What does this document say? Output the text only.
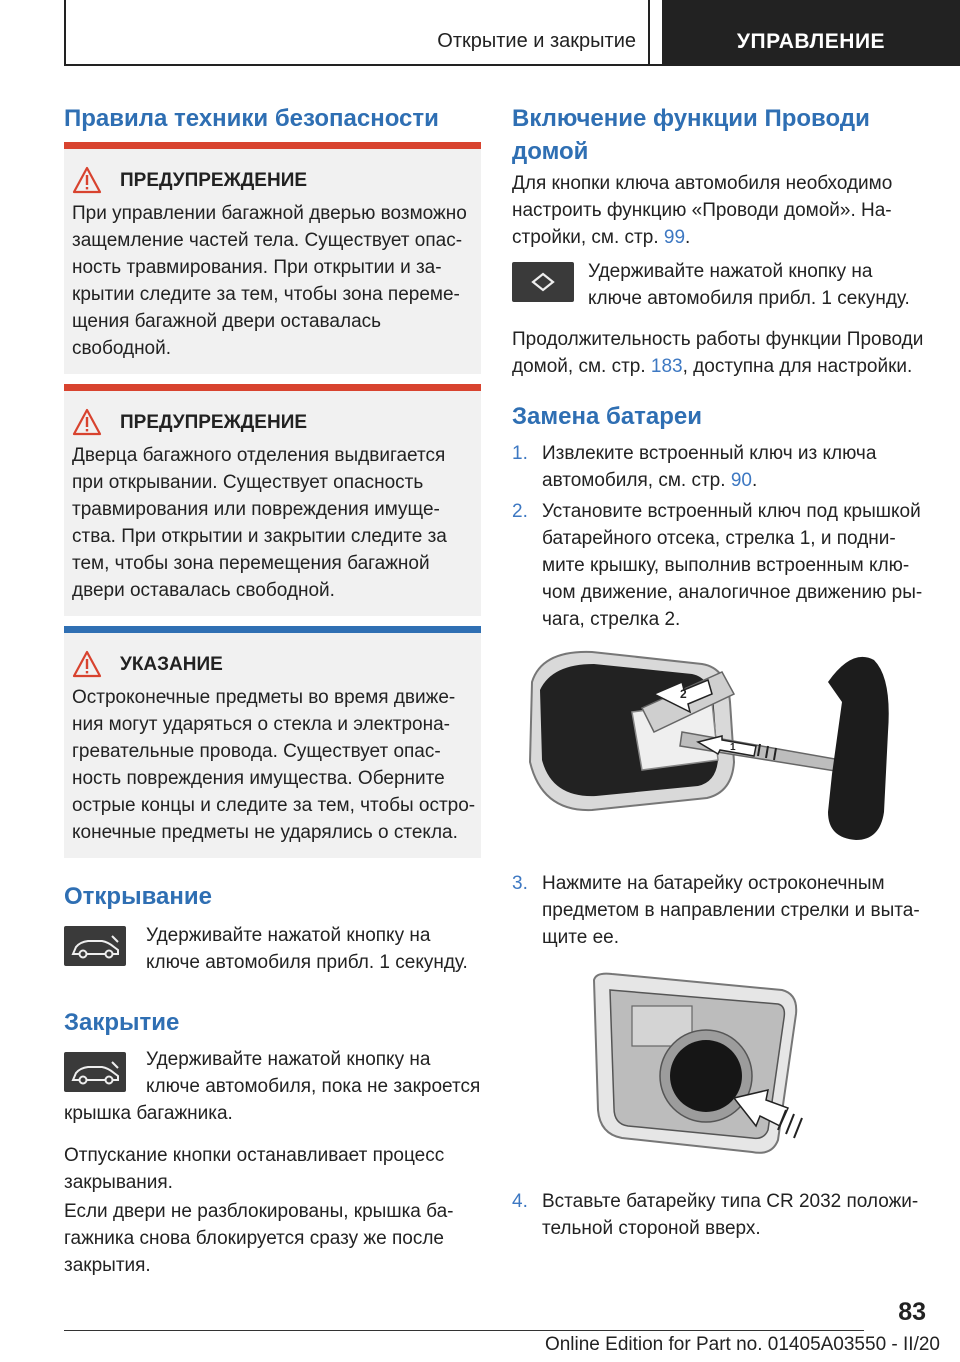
Открытие и закрытие	УПРАВЛЕНИЕ
Правила техники безопасности
ПРЕДУПРЕЖДЕНИЕ
При управлении багажной дверью возможно
защемление частей тела. Существует опас-
ность травмирования. При открытии и за-
крытии следите за тем, чтобы зона переме-
щения багажной двери оставалась
свободной.
ПРЕДУПРЕЖДЕНИЕ
Дверца багажного отделения выдвигается
при открывании. Существует опасность
травмирования или повреждения имуще-
ства. При открытии и закрытии следите за
тем, чтобы зона перемещения багажной
двери оставалась свободной.
УКАЗАНИЕ
Остроконечные предметы во время движе-
ния могут ударяться о стекла и электрона-
гревательные провода. Существует опас-
ность повреждения имущества. Оберните
острые концы и следите за тем, чтобы остро-
конечные предметы не ударялись о стекла.
Открывание
Удерживайте нажатой кнопку на
ключе автомобиля прибл. 1 секунду.
Закрытие
Удерживайте нажатой кнопку на
ключе автомобиля, пока не закроется
крышка багажника.
Отпускание кнопки останавливает процесс
закрывания.
Если двери не разблокированы, крышка ба-
гажника снова блокируется сразу же после
закрытия.
Включение функции Проводи
домой
Для кнопки ключа автомобиля необходимо
настроить функцию «Проводи домой». На-
стройки, см. стр. 99.
Удерживайте нажатой кнопку на
ключе автомобиля прибл. 1 секунду.
Продолжительность работы функции Проводи
домой, см. стр. 183, доступна для настройки.
Замена батареи
1. Извлеките встроенный ключ из ключа
автомобиля, см. стр. 90.
2. Установите встроенный ключ под крышкой
батарейного отсека, стрелка 1, и подни-
мите крышку, выполнив встроенным клю-
чом движение, аналогичное движению ры-
чага, стрелка 2.
2
1
3. Нажмите на батарейку остроконечным
предметом в направлении стрелки и выта-
щите ее.
4. Вставьте батарейку типа CR 2032 положи-
тельной стороной вверх.
83
Online Edition for Part no. 01405A03550 - II/20
